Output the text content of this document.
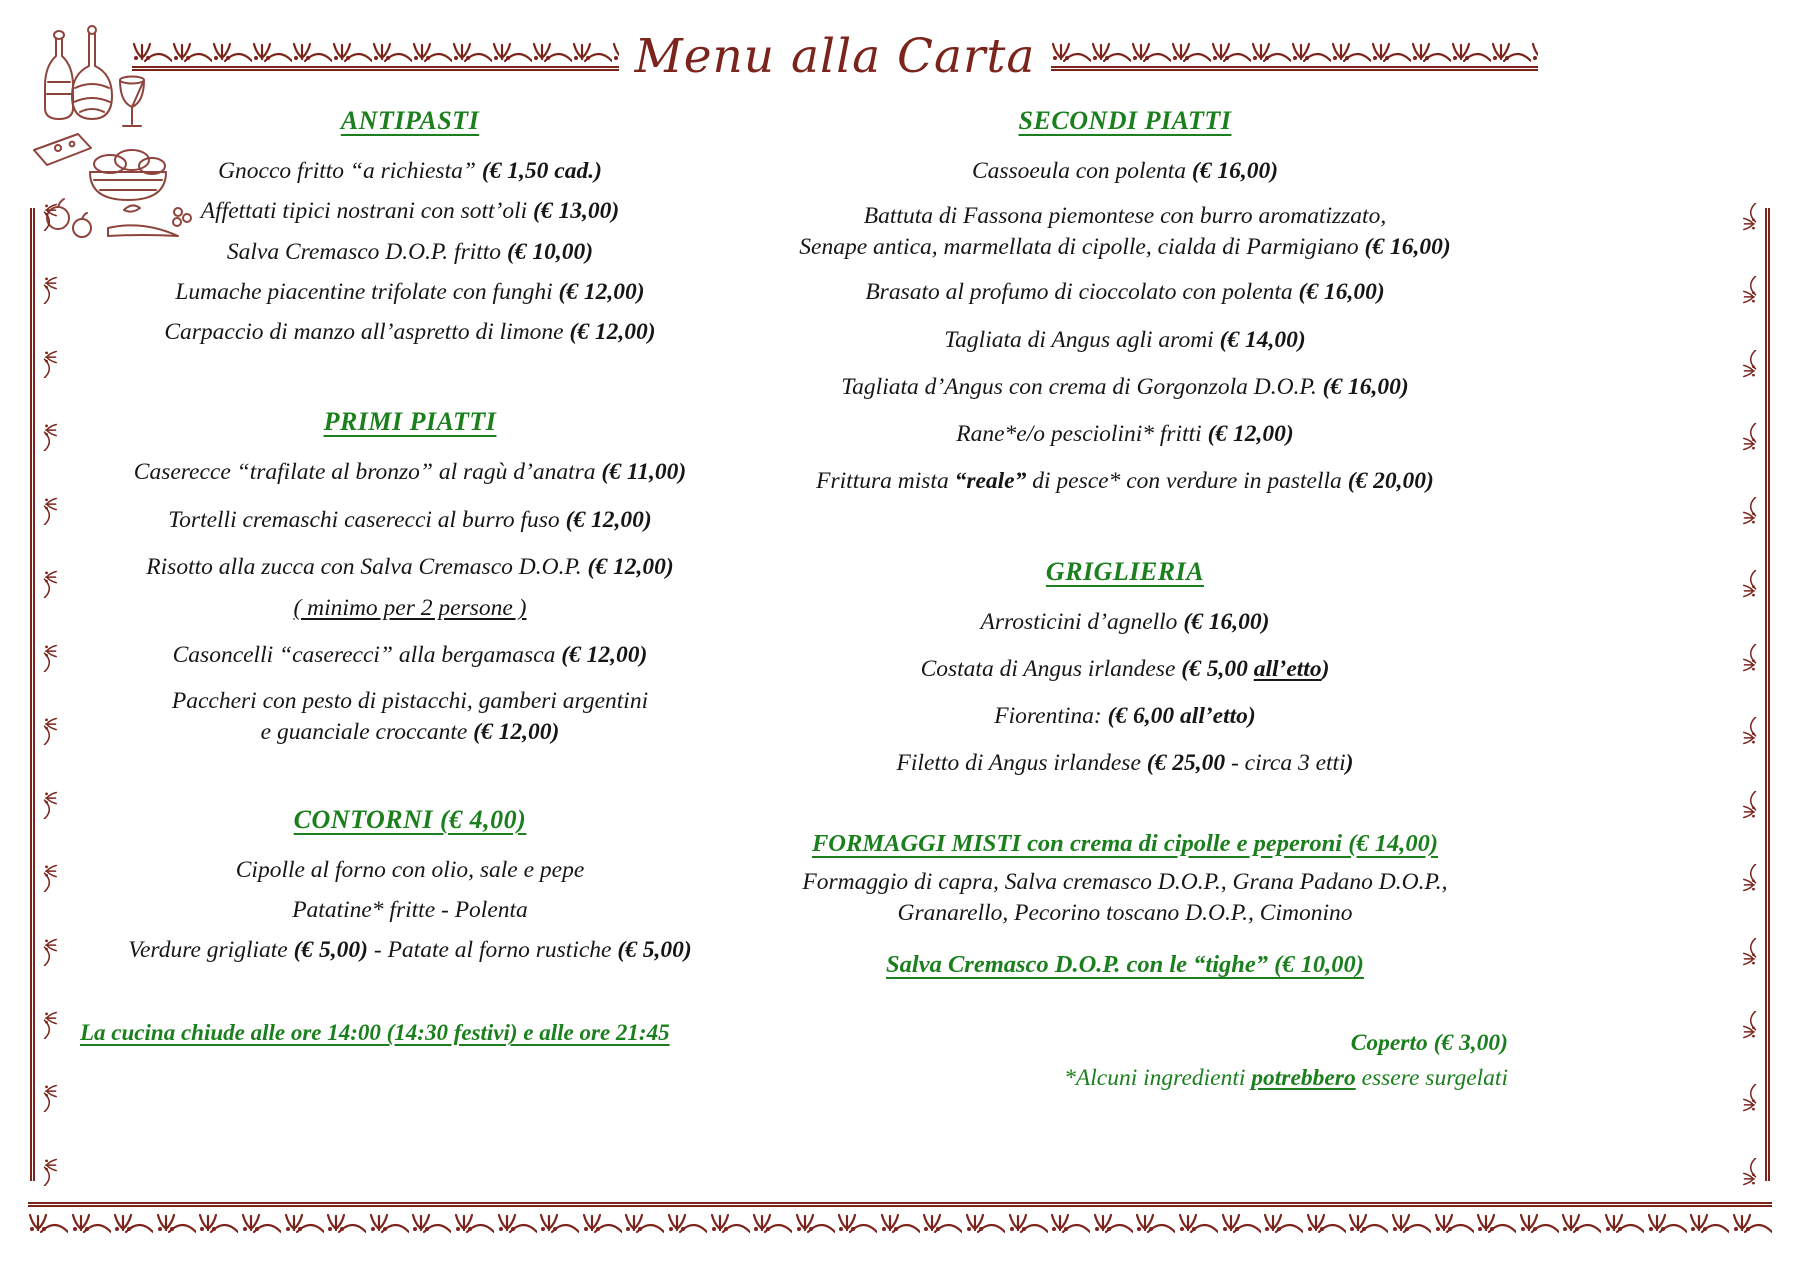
Menu alla Carta
ANTIPASTI
Gnocco fritto “a richiesta” (€ 1,50 cad.)
Affettati tipici nostrani con sott’oli (€ 13,00)
Salva Cremasco D.O.P. fritto (€ 10,00)
Lumache piacentine trifolate con funghi (€ 12,00)
Carpaccio di manzo all’aspretto di limone (€ 12,00)
PRIMI PIATTI
Caserecce “trafilate al bronzo” al ragù d’anatra (€ 11,00)
Tortelli cremaschi caserecci al burro fuso (€ 12,00)
Risotto alla zucca con Salva Cremasco D.O.P. (€ 12,00)
( minimo per 2 persone )
Casoncelli “caserecci” alla bergamasca (€ 12,00)
Paccheri con pesto di pistacchi, gamberi argentini
e guanciale croccante (€ 12,00)
CONTORNI (€ 4,00)
Cipolle al forno con olio, sale e pepe
Patatine* fritte - Polenta
Verdure grigliate (€ 5,00) - Patate al forno rustiche (€ 5,00)
La cucina chiude alle ore 14:00 (14:30 festivi) e alle ore 21:45
SECONDI PIATTI
Cassoeula con polenta (€ 16,00)
Battuta di Fassona piemontese con burro aromatizzato,
Senape antica, marmellata di cipolle, cialda di Parmigiano (€ 16,00)
Brasato al profumo di cioccolato con polenta (€ 16,00)
Tagliata di Angus agli aromi (€ 14,00)
Tagliata d’Angus con crema di Gorgonzola D.O.P. (€ 16,00)
Rane*e/o pesciolini* fritti (€ 12,00)
Frittura mista “reale” di pesce* con verdure in pastella (€ 20,00)
GRIGLIERIA
Arrosticini d’agnello (€ 16,00)
Costata di Angus irlandese (€ 5,00 all’etto)
Fiorentina: (€ 6,00 all’etto)
Filetto di Angus irlandese (€ 25,00 - circa 3 etti)
FORMAGGI MISTI con crema di cipolle e peperoni (€ 14,00)
Formaggio di capra, Salva cremasco D.O.P., Grana Padano D.O.P.,
Granarello, Pecorino toscano D.O.P., Cimonino
Salva Cremasco D.O.P. con le “tighe” (€ 10,00)
Coperto (€ 3,00)
*Alcuni ingredienti potrebbero essere surgelati
